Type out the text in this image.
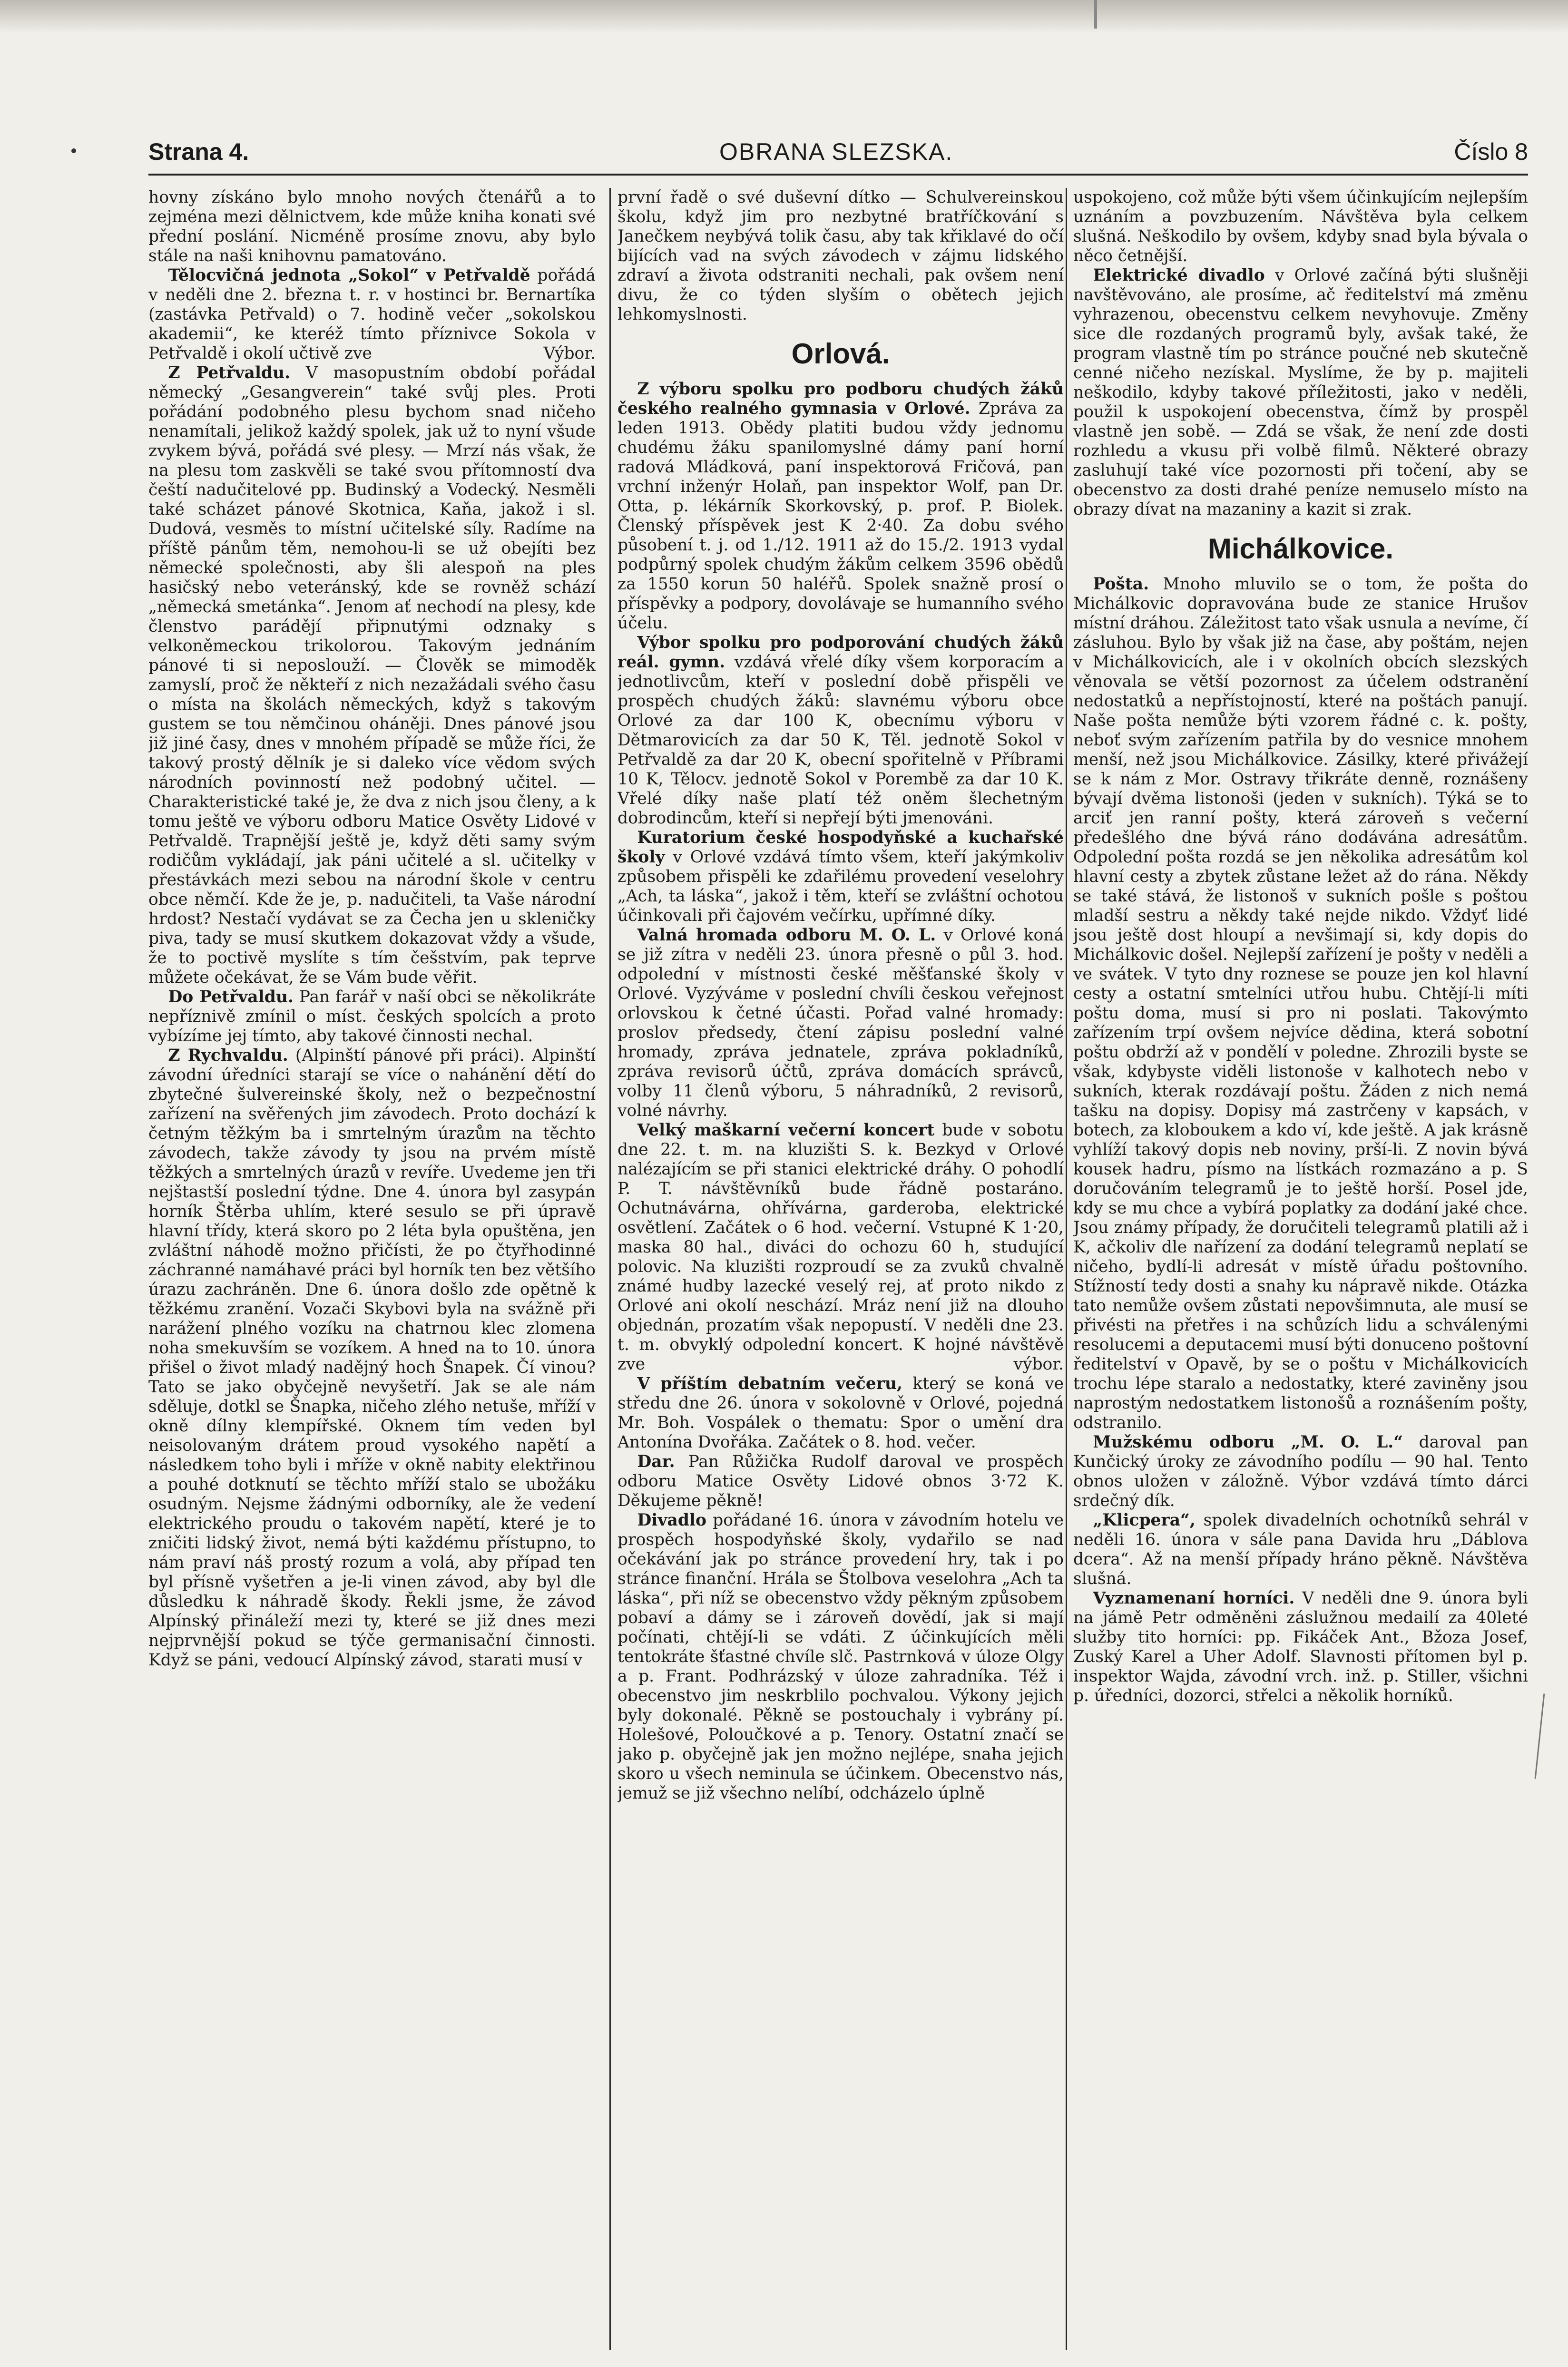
Strana 4.	OBRANA SLEZSKA.	Číslo 8

hovny získáno bylo mnoho nových čtenářů a to zejména mezi dělnictvem, kde může kniha konati své přední poslání. Nicméně prosíme znovu, aby bylo stále na naši knihovnu pamatováno.

Tělocvičná jednota „Sokol“ v Petřvaldě pořádá v neděli dne 2. března t. r. v hostinci br. Bernartíka (zastávka Petřvald) o 7. hodině večer „sokolskou akademii“, ke kteréž tímto příznivce Sokola v Petřvaldě i okolí učtivě zve	Výbor.

Z Petřvaldu. V masopustním období pořádal německý „Gesangverein“ také svůj ples. Proti pořádání podobného plesu bychom snad ničeho nenamítali, jelikož každý spolek, jak už to nyní všude zvykem bývá, pořádá své plesy. — Mrzí nás však, že na plesu tom zaskvěli se také svou přítomností dva čeští nadučitelové pp. Budinský a Vodecký. Nesměli také scházet pánové Skotnica, Kaňa, jakož i sl. Dudová, vesměs to místní učitelské síly. Radíme na příště pánům těm, nemohou-li se už obejíti bez německé společnosti, aby šli alespoň na ples hasičský nebo veteránský, kde se rovněž schází „německá smetánka“. Jenom ať nechodí na plesy, kde členstvo parádějí připnutými odznaky s velkoněmeckou trikolorou. Takovým jednáním pánové ti si neposlouží. — Člověk se mimoděk zamyslí, proč že někteří z nich nezažádali svého času o místa na školách německých, když s takovým gustem se tou němčinou oháněji. Dnes pánové jsou již jiné časy, dnes v mnohém případě se může říci, že takový prostý dělník je si daleko více vědom svých národních povinností než podobný učitel. — Charakteristické také je, že dva z nich jsou členy, a k tomu ještě ve výboru odboru Matice Osvěty Lidové v Petřvaldě. Trapnější ještě je, když děti samy svým rodičům vykládají, jak páni učitelé a sl. učitelky v přestávkách mezi sebou na národní škole v centru obce němčí. Kde že je, p. nadučiteli, ta Vaše národní hrdost? Nestačí vydávat se za Čecha jen u skleničky piva, tady se musí skutkem dokazovat vždy a všude, že to poctivě myslíte s tím češstvím, pak teprve můžete očekávat, že se Vám bude věřit.

Do Petřvaldu. Pan farář v naší obci se několikráte nepříznivě zmínil o míst. českých spolcích a proto vybízíme jej tímto, aby takové činnosti nechal.

Z Rychvaldu. (Alpinští pánové při práci). Alpinští závodní úředníci starají se více o nahánění dětí do zbytečné šulvereinské školy, než o bezpečnostní zařízení na svěřených jim závodech. Proto dochází k četným těžkým ba i smrtelným úrazům na těchto závodech, takže závody ty jsou na prvém místě těžkých a smrtelných úrazů v revíře. Uvedeme jen tři nejštastší poslední týdne. Dne 4. února byl zasypán horník Štěrba uhlím, které sesulo se při úpravě hlavní třídy, která skoro po 2 léta byla opuštěna, jen zvláštní náhodě možno přičísti, že po čtyřhodinné záchranné namáhavé práci byl horník ten bez většího úrazu zachráněn. Dne 6. února došlo zde opětně k těžkému zranění. Vozači Skybovi byla na svážně při narážení plného vozíku na chatrnou klec zlomena noha smekuvším se vozíkem. A hned na to 10. února přišel o život mladý nadějný hoch Šnapek. Čí vinou? Tato se jako obyčejně nevyšetří. Jak se ale nám sděluje, dotkl se Šnapka, ničeho zlého netuše, mříží v okně dílny klempířské. Oknem tím veden byl neisolovaným drátem proud vysokého napětí a následkem toho byli i mříže v okně nabity elektřinou a pouhé dotknutí se těchto mříží stalo se ubožáku osudným. Nejsme žádnými odborníky, ale že vedení elektrického proudu o takovém napětí, které je to zničiti lidský život, nemá býti každému přístupno, to nám praví náš prostý rozum a volá, aby případ ten byl přísně vyšetřen a je-li vinen závod, aby byl dle důsledku k náhradě škody. Řekli jsme, že závod Alpínský přináleží mezi ty, které se již dnes mezi nejprvnější pokud se týče germanisační činnosti. Když se páni, vedoucí Alpínský závod, starati musí v

první řadě o své duševní dítko — Schulvereinskou školu, když jim pro nezbytné bratříčkování s Janečkem neybývá tolik času, aby tak křiklavé do očí bijících vad na svých závodech v zájmu lidského zdraví a života odstraniti nechali, pak ovšem není divu, že co týden slyším o obětech jejich lehkomyslnosti.

Orlová.

Z výboru spolku pro podboru chudých žáků českého realného gymnasia v Orlové. Zpráva za leden 1913. Obědy platiti budou vždy jednomu chudému žáku spanilomyslné dámy paní horní radová Mládková, paní inspektorová Fričová, pan vrchní inženýr Holaň, pan inspektor Wolf, pan Dr. Otta, p. lékárník Skorkovský, p. prof. P. Biolek. Členský příspěvek jest K 2·40. Za dobu svého působení t. j. od 1./12. 1911 až do 15./2. 1913 vydal podpůrný spolek chudým žákům celkem 3596 obědů za 1550 korun 50 haléřů. Spolek snažně prosí o příspěvky a podpory, dovolávaje se humanního svého účelu.

Výbor spolku pro podporování chudých žáků reál. gymn. vzdává vřelé díky všem korporacím a jednotlivcům, kteří v poslední době přispěli ve prospěch chudých žáků: slavnému výboru obce Orlové za dar 100 K, obecnímu výboru v Dětmarovicích za dar 50 K, Těl. jednotě Sokol v Petřvaldě za dar 20 K, obecní spořitelně v Příbrami 10 K, Tělocv. jednotě Sokol v Porembě za dar 10 K. Vřelé díky naše platí též oněm šlechetným dobrodincům, kteří si nepřejí býti jmenováni.

Kuratorium české hospodyňské a kuchařské školy v Orlové vzdává tímto všem, kteří jakýmkoliv způsobem přispěli ke zdařilému provedení veselohry „Ach, ta láska“, jakož i těm, kteří se zvláštní ochotou účinkovali při čajovém večírku, upřímné díky.

Valná hromada odboru M. O. L. v Orlové koná se již zítra v neděli 23. února přesně o půl 3. hod. odpolední v místnosti české měšťanské školy v Orlové. Vyzýváme v poslední chvíli českou veřejnost orlovskou k četné účasti. Pořad valné hromady: proslov předsedy, čtení zápisu poslední valné hromady, zpráva jednatele, zpráva pokladníků, zpráva revisorů účtů, zpráva domácích správců, volby 11 členů výboru, 5 náhradníků, 2 revisorů, volné návrhy.

Velký maškarní večerní koncert bude v sobotu dne 22. t. m. na kluzišti S. k. Bezkyd v Orlové nalézajícím se při stanici elektrické dráhy. O pohodlí P. T. návštěvníků bude řádně postaráno. Ochutnávárna, ohřívárna, garderoba, elektrické osvětlení. Začátek o 6 hod. večerní. Vstupné K 1·20, maska 80 hal., diváci do ochozu 60 h, studující polovic. Na kluzišti rozproudí se za zvuků chvalně známé hudby lazecké veselý rej, ať proto nikdo z Orlové ani okolí neschází. Mráz není již na dlouho objednán, prozatím však nepopustí. V neděli dne 23. t. m. obvyklý odpolední koncert. K hojné návštěvě zve	výbor.

V příštím debatním večeru, který se koná ve středu dne 26. února v sokolovně v Orlové, pojedná Mr. Boh. Vospálek o thematu: Spor o umění dra Antonína Dvořáka. Začátek o 8. hod. večer.

Dar. Pan Růžička Rudolf daroval ve prospěch odboru Matice Osvěty Lidové obnos 3·72 K. Děkujeme pěkně!

Divadlo pořádané 16. února v závodním hotelu ve prospěch hospodyňské školy, vydařilo se nad očekávání jak po stránce provedení hry, tak i po stránce finanční. Hrála se Štolbova veselohra „Ach ta láska“, při níž se obecenstvo vždy pěkným způsobem pobaví a dámy se i zároveň dovědí, jak si mají počínati, chtějí-li se vdáti. Z účinkujících měli tentokráte šťastné chvíle slč. Pastrnková v úloze Olgy a p. Frant. Podhrázský v úloze zahradníka. Též i obecenstvo jim neskrblilo pochvalou. Výkony jejich byly dokonalé. Pěkně se postouchaly i vybrány pí. Holešové, Poloučkové a p. Tenory. Ostatní značí se jako p. obyčejně jak jen možno nejlépe, snaha jejich skoro u všech neminula se účinkem. Obecenstvo nás, jemuž se již všechno nelíbí, odcházelo úplně

uspokojeno, což může býti všem účinkujícím nejlepším uznáním a povzbuzením. Návštěva byla celkem slušná. Neškodilo by ovšem, kdyby snad byla bývala o něco četnější.

Elektrické divadlo v Orlové začíná býti slušněji navštěvováno, ale prosíme, ač ředitelství má změnu vyhrazenou, obecenstvu celkem nevyhovuje. Změny sice dle rozdaných programů byly, avšak také, že program vlastně tím po stránce poučné neb skutečně cenné ničeho nezískal. Myslíme, že by p. majiteli neškodilo, kdyby takové příležitosti, jako v neděli, použil k uspokojení obecenstva, čímž by prospěl vlastně jen sobě. — Zdá se však, že není zde dosti rozhledu a vkusu při volbě filmů. Některé obrazy zasluhují také více pozornosti při točení, aby se obecenstvo za dosti drahé peníze nemuselo místo na obrazy dívat na mazaniny a kazit si zrak.

Michálkovice.

Pošta. Mnoho mluvilo se o tom, že pošta do Michálkovic dopravována bude ze stanice Hrušov místní dráhou. Záležitost tato však usnula a nevíme, čí zásluhou. Bylo by však již na čase, aby poštám, nejen v Michálkovicích, ale i v okolních obcích slezských věnovala se větší pozornost za účelem odstranění nedostatků a nepřístojností, které na poštách panují. Naše pošta nemůže býti vzorem řádné c. k. pošty, neboť svým zařízením patřila by do vesnice mnohem menší, než jsou Michálkovice. Zásilky, které přivážejí se k nám z Mor. Ostravy třikráte denně, roznášeny bývají dvěma listonoši (jeden v sukních). Týká se to arciť jen ranní pošty, která zároveň s večerní předešlého dne bývá ráno dodávána adresátům. Odpolední pošta rozdá se jen několika adresátům kol hlavní cesty a zbytek zůstane ležet až do rána. Někdy se také stává, že listonoš v sukních pošle s poštou mladší sestru a někdy také nejde nikdo. Vždyť lidé jsou ještě dost hloupí a nevšimají si, kdy dopis do Michálkovic došel. Nejlepší zařízení je pošty v neděli a ve svátek. V tyto dny roznese se pouze jen kol hlavní cesty a ostatní smtelníci utřou hubu. Chtějí-li míti poštu doma, musí si pro ni poslati. Takovýmto zařízením trpí ovšem nejvíce dědina, která sobotní poštu obdrží až v pondělí v poledne. Zhrozili byste se však, kdybyste viděli listonoše v kalhotech nebo v sukních, kterak rozdávají poštu. Žáden z nich nemá tašku na dopisy. Dopisy má zastrčeny v kapsách, v botech, za kloboukem a kdo ví, kde ještě. A jak krásně vyhlíží takový dopis neb noviny, prší-li. Z novin bývá kousek hadru, písmo na lístkách rozmazáno a p. S doručováním telegramů je to ještě horší. Posel jde, kdy se mu chce a vybírá poplatky za dodání jaké chce. Jsou známy případy, že doručiteli telegramů platili až i K, ačkoliv dle nařízení za dodání telegramů neplatí se ničeho, bydlí-li adresát v místě úřadu poštovního. Stížností tedy dosti a snahy ku nápravě nikde. Otázka tato nemůže ovšem zůstati nepovšimnuta, ale musí se přivésti na přetřes i na schůzích lidu a schválenými resolucemi a deputacemi musí býti donuceno poštovní ředitelství v Opavě, by se o poštu v Michálkovicích trochu lépe staralo a nedostatky, které zaviněny jsou naprostým nedostatkem listonošů a roznášením pošty, odstranilo.

Mužskému odboru „M. O. L.“ daroval pan Kunčický úroky ze závodního podílu — 90 hal. Tento obnos uložen v záložně. Výbor vzdává tímto dárci srdečný dík.

„Klicpera“, spolek divadelních ochotníků sehrál v neděli 16. února v sále pana Davida hru „Dáblova dcera“. Až na menší případy hráno pěkně. Návštěva slušná.

Vyznamenaní horníci. V neděli dne 9. února byli na jámě Petr odměněni záslužnou medailí za 40leté služby tito horníci: pp. Fikáček Ant., Bžoza Josef, Zuský Karel a Uher Adolf. Slavnosti přítomen byl p. inspektor Wajda, závodní vrch. inž. p. Stiller, všichni p. úředníci, dozorci, střelci a několik horníků.
